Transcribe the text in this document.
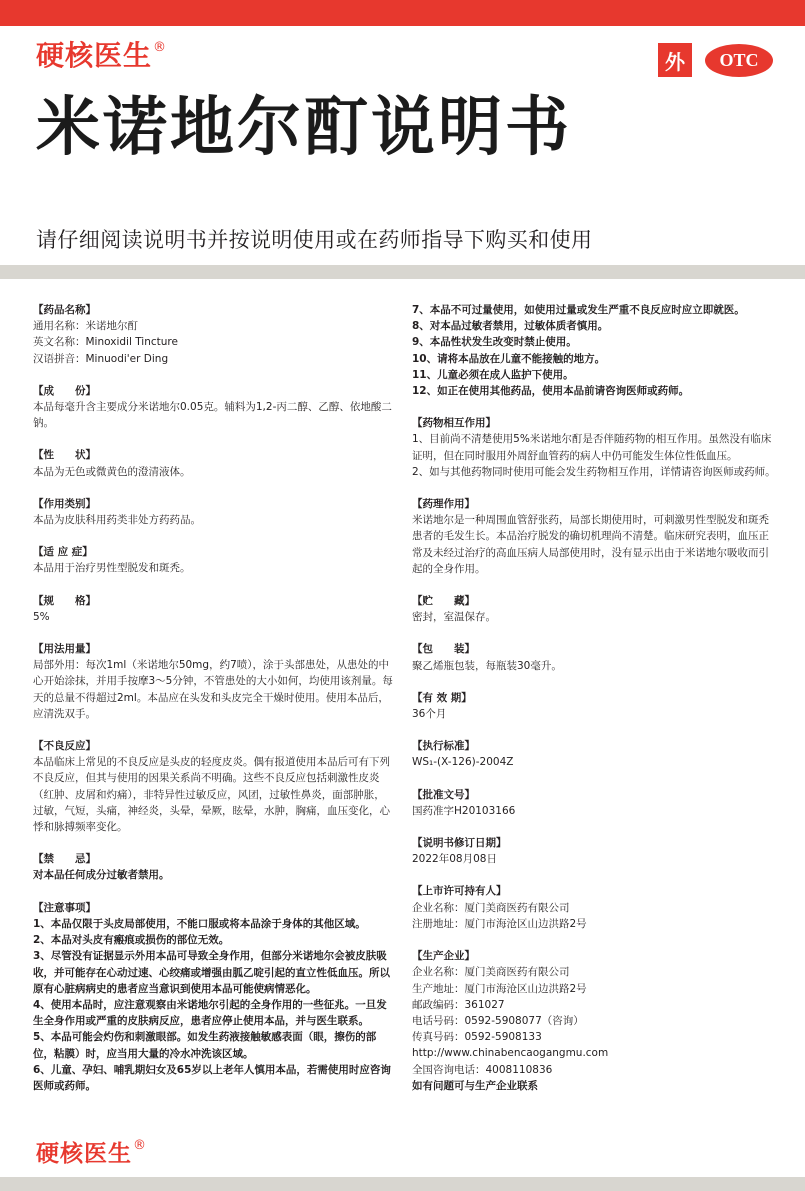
硬核医生®
外	OTC
米诺地尔酊说明书
请仔细阅读说明书并按说明使用或在药师指导下购买和使用
【药品名称】
通用名称：米诺地尔酊
英文名称：Minoxidil Tincture
汉语拼音：Minuodi'er Ding
【成　　份】
本品每毫升含主要成分米诺地尔0.05克。辅料为1,2-丙二醇、乙醇、依地酸二钠。
【性　　状】
本品为无色或微黄色的澄清液体。
【作用类别】
本品为皮肤科用药类非处方药药品。
【适 应 症】
本品用于治疗男性型脱发和斑秃。
【规　　格】
5%
【用法用量】
局部外用：每次1ml（米诺地尔50mg，约7喷），涂于头部患处，从患处的中心开始涂抹，并用手按摩3～5分钟，不管患处的大小如何，均使用该剂量。每天的总量不得超过2ml。本品应在头发和头皮完全干燥时使用。使用本品后，应清洗双手。
【不良反应】
本品临床上常见的不良反应是头皮的轻度皮炎。偶有报道使用本品后可有下列不良反应，但其与使用的因果关系尚不明确。这些不良反应包括刺激性皮炎（红肿、皮屑和灼痛），非特异性过敏反应，风团，过敏性鼻炎，面部肿胀，过敏，气短，头痛，神经炎，头晕，晕厥，眩晕，水肿，胸痛，血压变化，心悸和脉搏频率变化。
【禁　　忌】
对本品任何成分过敏者禁用。
【注意事项】
1、本品仅限于头皮局部使用，不能口服或将本品涂于身体的其他区域。
2、本品对头皮有瘢痕或损伤的部位无效。
3、尽管没有证据显示外用本品可导致全身作用，但部分米诺地尔会被皮肤吸收，并可能存在心动过速、心绞痛或增强由胍乙啶引起的直立性低血压。所以原有心脏病病史的患者应当意识到使用本品可能使病情恶化。
4、使用本品时，应注意观察由米诺地尔引起的全身作用的一些征兆。一旦发生全身作用或严重的皮肤病反应，患者应停止使用本品，并与医生联系。
5、本品可能会灼伤和刺激眼部。如发生药液接触敏感表面（眼，擦伤的部位，粘膜）时，应当用大量的冷水冲洗该区域。
6、儿童、孕妇、哺乳期妇女及65岁以上老年人慎用本品，若需使用时应咨询医师或药师。
7、本品不可过量使用，如使用过量或发生严重不良反应时应立即就医。
8、对本品过敏者禁用，过敏体质者慎用。
9、本品性状发生改变时禁止使用。
10、请将本品放在儿童不能接触的地方。
11、儿童必须在成人监护下使用。
12、如正在使用其他药品，使用本品前请咨询医师或药师。
【药物相互作用】
1、目前尚不清楚使用5%米诺地尔酊是否伴随药物的相互作用。虽然没有临床证明，但在同时服用外周舒血管药的病人中仍可能发生体位性低血压。
2、如与其他药物同时使用可能会发生药物相互作用，详情请咨询医师或药师。
【药理作用】
米诺地尔是一种周围血管舒张药，局部长期使用时，可刺激男性型脱发和斑秃患者的毛发生长。本品治疗脱发的确切机理尚不清楚。临床研究表明，血压正常及未经过治疗的高血压病人局部使用时，没有显示出由于米诺地尔吸收而引起的全身作用。
【贮　　藏】
密封，室温保存。
【包　　装】
聚乙烯瓶包装，每瓶装30毫升。
【有 效 期】
36个月
【执行标准】
WS₁-(X-126)-2004Z
【批准文号】
国药准字H20103166
【说明书修订日期】
2022年08月08日
【上市许可持有人】
企业名称：厦门美商医药有限公司
注册地址：厦门市海沧区山边洪路2号
【生产企业】
企业名称：厦门美商医药有限公司
生产地址：厦门市海沧区山边洪路2号
邮政编码：361027
电话号码：0592-5908077（咨询）
传真号码：0592-5908133
http://www.chinabencaogangmu.com
全国咨询电话：4008110836
如有问题可与生产企业联系
硬核医生®
